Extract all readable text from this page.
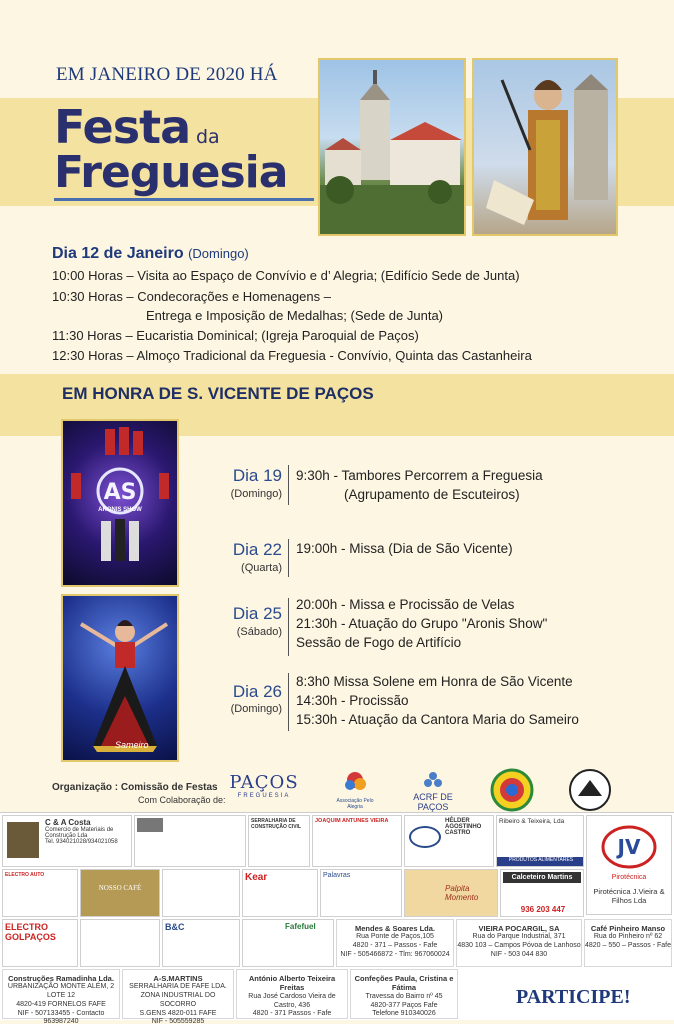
EM JANEIRO DE 2020 HÁ
Festa da
Freguesia
Dia 12 de Janeiro (Domingo)
10:00 Horas – Visita ao Espaço de Convívio e d’ Alegria; (Edifício Sede de Junta)
10:30 Horas – Condecorações e Homenagens –
Entrega e Imposição de Medalhas; (Sede de Junta)
11:30 Horas – Eucaristia Dominical; (Igreja Paroquial de Paços)
12:30 Horas – Almoço Tradicional da Freguesia - Convívio, Quinta das Castanheira
EM HONRA DE S. VICENTE DE PAÇOS
AS
ARONIS SHOW
Sameiro
Dia 19
(Domingo)
9:30h - Tambores Percorrem a Freguesia
(Agrupamento de Escuteiros)
Dia 22
(Quarta)
19:00h - Missa (Dia de São Vicente)
Dia 25
(Sábado)
20:00h - Missa e Procissão de Velas
21:30h - Atuação do Grupo "Aronis Show"
Sessão de Fogo de Artifício
Dia 26
(Domingo)
8:3h0 Missa Solene em Honra de São Vicente
14:30h - Procissão
15:30h - Atuação da Cantora Maria do Sameiro
Organização : Comissão de Festas
Com Colaboração de:
PAÇOS
FREGUESIA
Associação Pelo Alegria
ACRF DE PAÇOS
C & A Costa
Comercio de Materiais de Construção Lda
Tel. 934021028/934021058
SERRALHARIA DE CONSTRUÇÃO CIVIL
JOAQUIM ANTUNES VIEIRA	HÉLDER AGOSTINHO CASTRO
Ribeiro & Teixeira, Lda
PRODUTOS ALIMENTARES
JV
Pirotécnica
Pirotécnica J.Vieira & Filhos Lda
ELECTRO AUTO
NOSSO CAFÉ
Kear	Palavras
Palpita Momento
Calceteiro Martins
936 203 447
ELECTRO GOLPAÇOS
B&C	Fafefuel	Mendes & Soares Lda.
Rua Ponte de Paços,105
4820 - 371 – Passos - Fafe
NIF - 505466872 - Tlm: 967060024
VIEIRA POCARGIL, SA
Rua do Parque Industrial, 371
4830 103 – Campos Póvoa de Lanhoso
NIF - 503 044 830
Café Pinheiro Manso
Rua do Pinheiro nº 62
4820 – 550 – Passos - Fafe
Construções Ramadinha Lda.
URBANIZAÇÃO MONTE ALÉM, 2 LOTE 12
4820-419 FORNELOS FAFE
NIF - 507133455 - Contacto 963987240
A-S.MARTINS
SERRALHARIA DE FAFE LDA.
ZONA INDUSTRIAL DO SOCORRO
S.GENS 4820-011 FAFE
NIF - 505559285
António Alberto Teixeira Freitas
Rua José Cardoso Vieira de Castro, 436
4820 - 371 Passos - Fafe
Confeções Paula, Cristina e Fátima
Travessa do Bairro nº 45
4820-377 Paços Fafe
Telefone 910340026
PARTICIPE!
